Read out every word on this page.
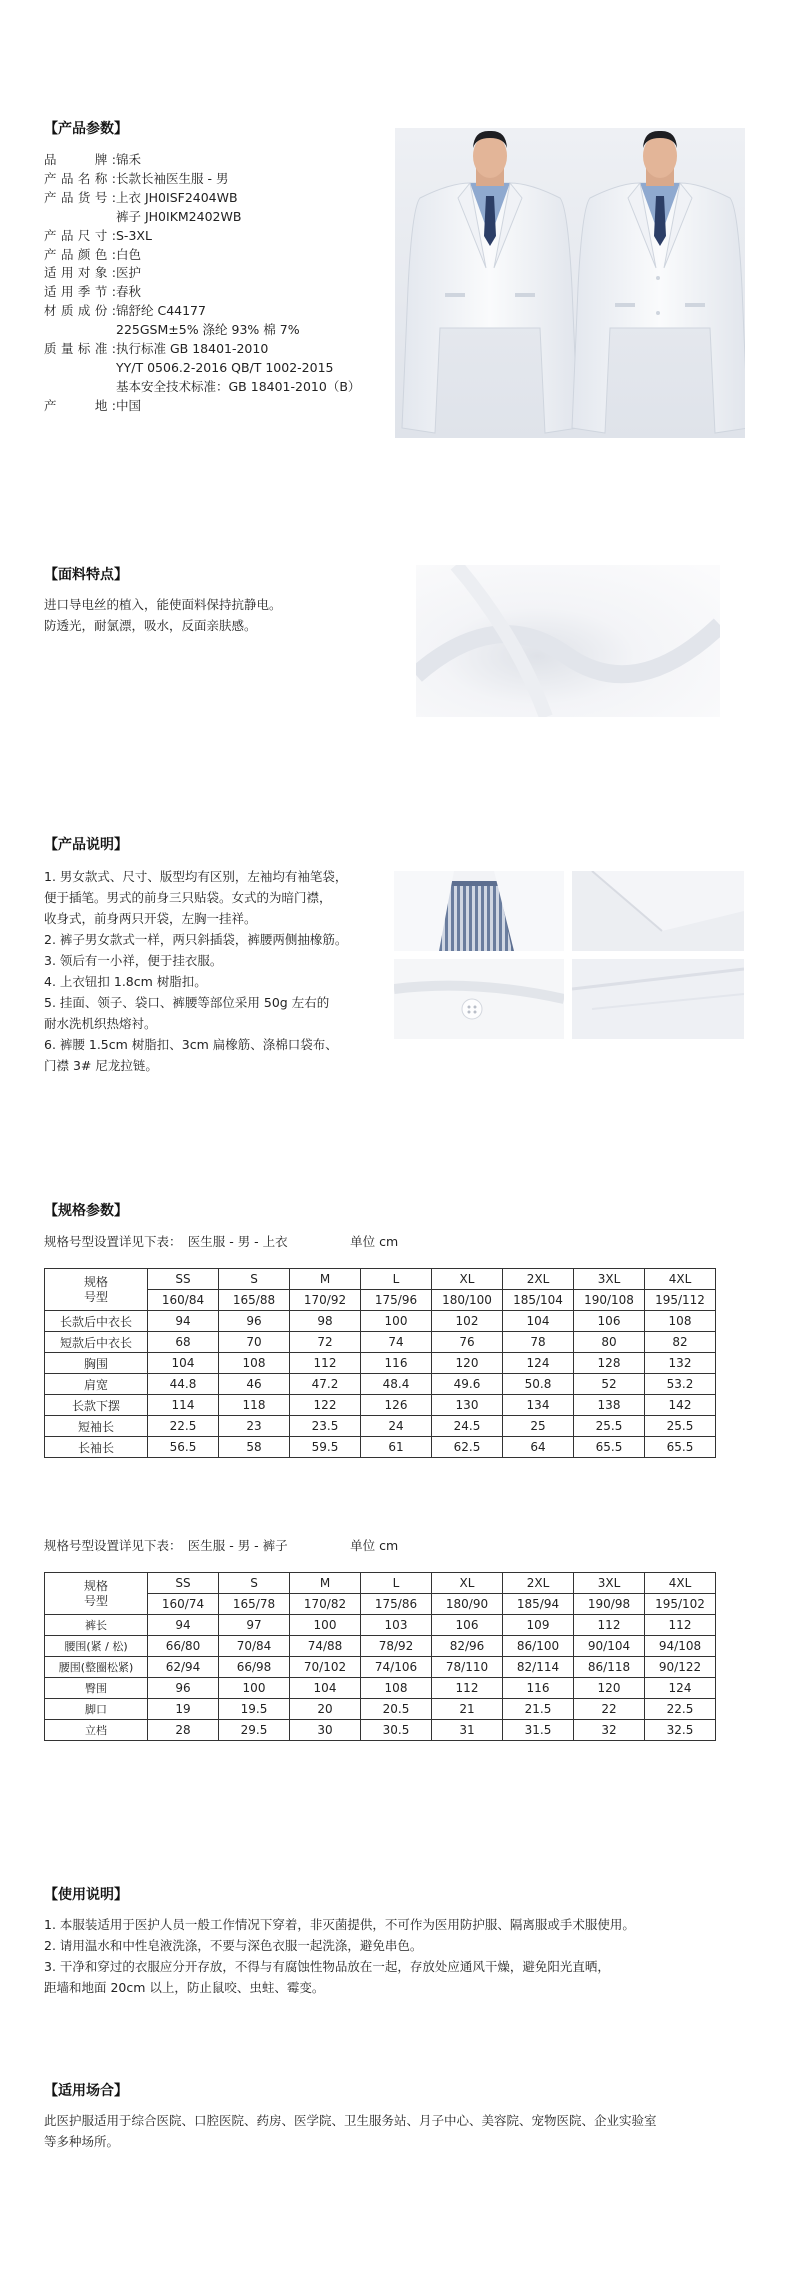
【产品参数】
品　　牌:锦禾
产品名称:长款长袖医生服 - 男
产品货号:上衣 JH0ISF2404WB
裤子 JH0IKM2402WB
产品尺寸:S-3XL
产品颜色:白色
适用对象:医护
适用季节:春秋
材质成份:锦舒纶 C44177
225GSM±5% 涤纶 93% 棉 7%
质量标准:执行标准 GB 18401-2010
YY/T 0506.2-2016 QB/T 1002-2015
基本安全技术标准：GB 18401-2010（B）
产　　地:中国
【面料特点】
进口导电丝的植入，能使面料保持抗静电。
防透光，耐氯漂，吸水，反面亲肤感。
【产品说明】
1. 男女款式、尺寸、版型均有区别，左袖均有袖笔袋，
便于插笔。男式的前身三只贴袋。女式的为暗门襟，
收身式，前身两只开袋，左胸一挂祥。
2. 裤子男女款式一样，两只斜插袋，裤腰两侧抽橡筋。
3. 领后有一小祥，便于挂衣服。
4. 上衣钮扣 1.8cm 树脂扣。
5. 挂面、领子、袋口、裤腰等部位采用 50g 左右的
耐水洗机织热熔衬。
6. 裤腰 1.5cm 树脂扣、3cm 扁橡筋、涤棉口袋布、
门襟 3# 尼龙拉链。
【规格参数】
规格号型设置详见下表：　医生服 - 男 - 上衣　　　　　单位 cm
规格
号型	SS	S	M	L	XL	2XL	3XL	4XL
	160/84	165/88	170/92	175/96	180/100	185/104	190/108	195/112
长款后中衣长	94	96	98	100	102	104	106	108
短款后中衣长	68	70	72	74	76	78	80	82
胸围	104	108	112	116	120	124	128	132
肩宽	44.8	46	47.2	48.4	49.6	50.8	52	53.2
长款下摆	114	118	122	126	130	134	138	142
短袖长	22.5	23	23.5	24	24.5	25	25.5	25.5
长袖长	56.5	58	59.5	61	62.5	64	65.5	65.5
规格号型设置详见下表：　医生服 - 男 - 裤子　　　　　单位 cm
规格
号型	SS	S	M	L	XL	2XL	3XL	4XL
	160/74	165/78	170/82	175/86	180/90	185/94	190/98	195/102
裤长	94	97	100	103	106	109	112	112
腰围(紧 / 松)	66/80	70/84	74/88	78/92	82/96	86/100	90/104	94/108
腰围(整圈松紧)	62/94	66/98	70/102	74/106	78/110	82/114	86/118	90/122
臀围	96	100	104	108	112	116	120	124
脚口	19	19.5	20	20.5	21	21.5	22	22.5
立档	28	29.5	30	30.5	31	31.5	32	32.5
【使用说明】
1. 本服装适用于医护人员一般工作情况下穿着，非灭菌提供，不可作为医用防护服、隔离服或手术服使用。
2. 请用温水和中性皂液洗涤，不要与深色衣服一起洗涤，避免串色。
3. 干净和穿过的衣服应分开存放，不得与有腐蚀性物品放在一起，存放处应通风干燥，避免阳光直晒，
距墙和地面 20cm 以上，防止鼠咬、虫蛀、霉变。
【适用场合】
此医护服适用于综合医院、口腔医院、药房、医学院、卫生服务站、月子中心、美容院、宠物医院、企业实验室
等多种场所。
